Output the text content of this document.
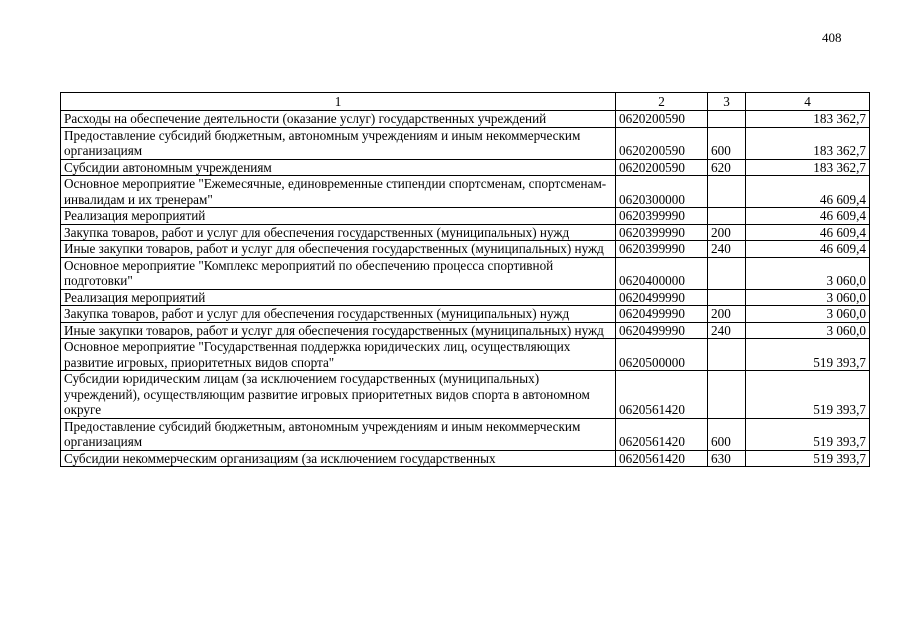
408
1	2	3	4
Расходы на обеспечение деятельности (оказание услуг) государственных учреждений	0620200590		183 362,7
Предоставление субсидий бюджетным, автономным учреждениям и иным некоммерческим организациям	0620200590	600	183 362,7
Субсидии автономным учреждениям	0620200590	620	183 362,7
Основное мероприятие "Ежемесячные, единовременные стипендии спортсменам, спортсменам-инвалидам и их тренерам"	0620300000		46 609,4
Реализация мероприятий	0620399990		46 609,4
Закупка товаров, работ и услуг для обеспечения государственных (муниципальных) нужд	0620399990	200	46 609,4
Иные закупки товаров, работ и услуг для обеспечения государственных (муниципальных) нужд	0620399990	240	46 609,4
Основное мероприятие "Комплекс мероприятий по обеспечению процесса спортивной подготовки"	0620400000		3 060,0
Реализация мероприятий	0620499990		3 060,0
Закупка товаров, работ и услуг для обеспечения государственных (муниципальных) нужд	0620499990	200	3 060,0
Иные закупки товаров, работ и услуг для обеспечения государственных (муниципальных) нужд	0620499990	240	3 060,0
Основное мероприятие "Государственная поддержка юридических лиц, осуществляющих развитие игровых, приоритетных видов спорта"	0620500000		519 393,7
Субсидии юридическим лицам (за исключением государственных (муниципальных) учреждений), осуществляющим развитие игровых приоритетных видов спорта в автономном округе	0620561420		519 393,7
Предоставление субсидий бюджетным, автономным учреждениям и иным некоммерческим организациям	0620561420	600	519 393,7
Субсидии некоммерческим организациям (за исключением государственных	0620561420	630	519 393,7
